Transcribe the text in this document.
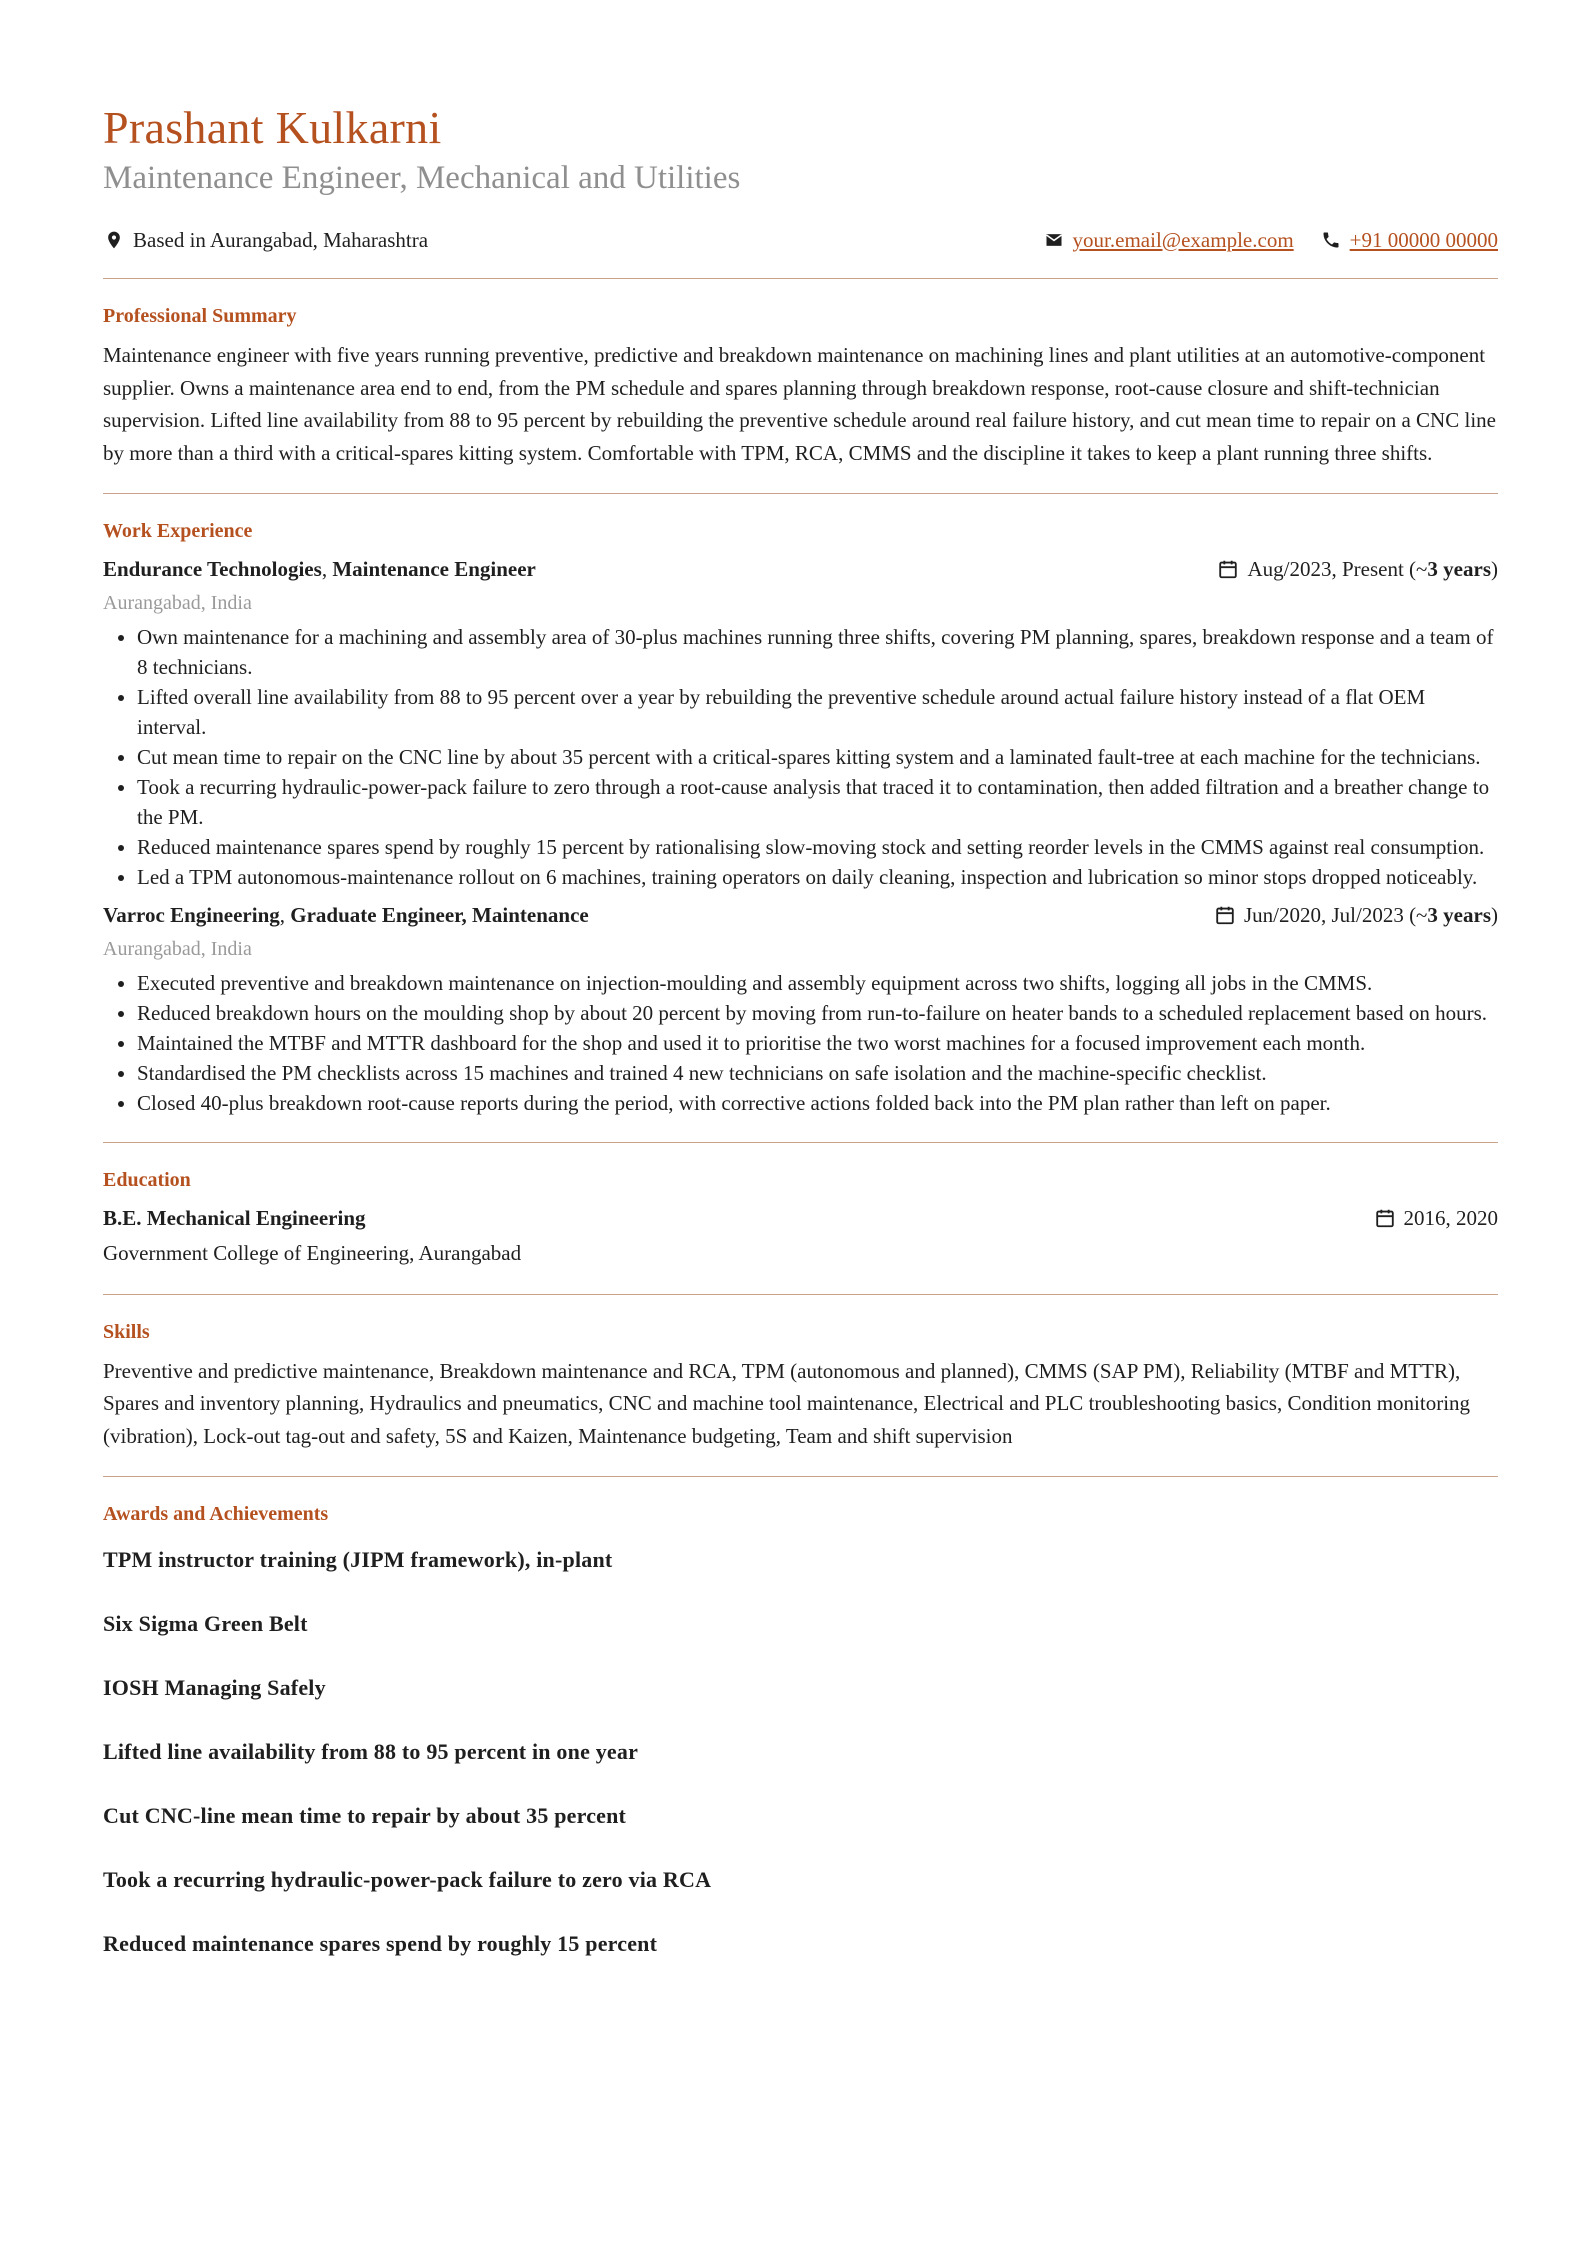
Prashant Kulkarni
Maintenance Engineer, Mechanical and Utilities
Based in Aurangabad, Maharashtra	your.email@example.com	+91 00000 00000
Professional Summary
Maintenance engineer with five years running preventive, predictive and breakdown maintenance on machining lines and plant utilities at an automotive-component supplier. Owns a maintenance area end to end, from the PM schedule and spares planning through breakdown response, root-cause closure and shift-technician supervision. Lifted line availability from 88 to 95 percent by rebuilding the preventive schedule around real failure history, and cut mean time to repair on a CNC line by more than a third with a critical-spares kitting system. Comfortable with TPM, RCA, CMMS and the discipline it takes to keep a plant running three shifts.
Work Experience
Endurance Technologies, Maintenance Engineer	Aug/2023, Present (~ 3 years )
Aurangabad, India
• Own maintenance for a machining and assembly area of 30-plus machines running three shifts, covering PM planning, spares, breakdown response and a team of 8 technicians.
• Lifted overall line availability from 88 to 95 percent over a year by rebuilding the preventive schedule around actual failure history instead of a flat OEM interval.
• Cut mean time to repair on the CNC line by about 35 percent with a critical-spares kitting system and a laminated fault-tree at each machine for the technicians.
• Took a recurring hydraulic-power-pack failure to zero through a root-cause analysis that traced it to contamination, then added filtration and a breather change to the PM.
• Reduced maintenance spares spend by roughly 15 percent by rationalising slow-moving stock and setting reorder levels in the CMMS against real consumption.
• Led a TPM autonomous-maintenance rollout on 6 machines, training operators on daily cleaning, inspection and lubrication so minor stops dropped noticeably.
Varroc Engineering, Graduate Engineer, Maintenance	Jun/2020, Jul/2023 (~ 3 years )
Aurangabad, India
• Executed preventive and breakdown maintenance on injection-moulding and assembly equipment across two shifts, logging all jobs in the CMMS.
• Reduced breakdown hours on the moulding shop by about 20 percent by moving from run-to-failure on heater bands to a scheduled replacement based on hours.
• Maintained the MTBF and MTTR dashboard for the shop and used it to prioritise the two worst machines for a focused improvement each month.
• Standardised the PM checklists across 15 machines and trained 4 new technicians on safe isolation and the machine-specific checklist.
• Closed 40-plus breakdown root-cause reports during the period, with corrective actions folded back into the PM plan rather than left on paper.
Education
B.E. Mechanical Engineering	2016, 2020
Government College of Engineering, Aurangabad
Skills
Preventive and predictive maintenance, Breakdown maintenance and RCA, TPM (autonomous and planned), CMMS (SAP PM), Reliability (MTBF and MTTR), Spares and inventory planning, Hydraulics and pneumatics, CNC and machine tool maintenance, Electrical and PLC troubleshooting basics, Condition monitoring (vibration), Lock-out tag-out and safety, 5S and Kaizen, Maintenance budgeting, Team and shift supervision
Awards and Achievements
TPM instructor training (JIPM framework), in-plant
Six Sigma Green Belt
IOSH Managing Safely
Lifted line availability from 88 to 95 percent in one year
Cut CNC-line mean time to repair by about 35 percent
Took a recurring hydraulic-power-pack failure to zero via RCA
Reduced maintenance spares spend by roughly 15 percent
